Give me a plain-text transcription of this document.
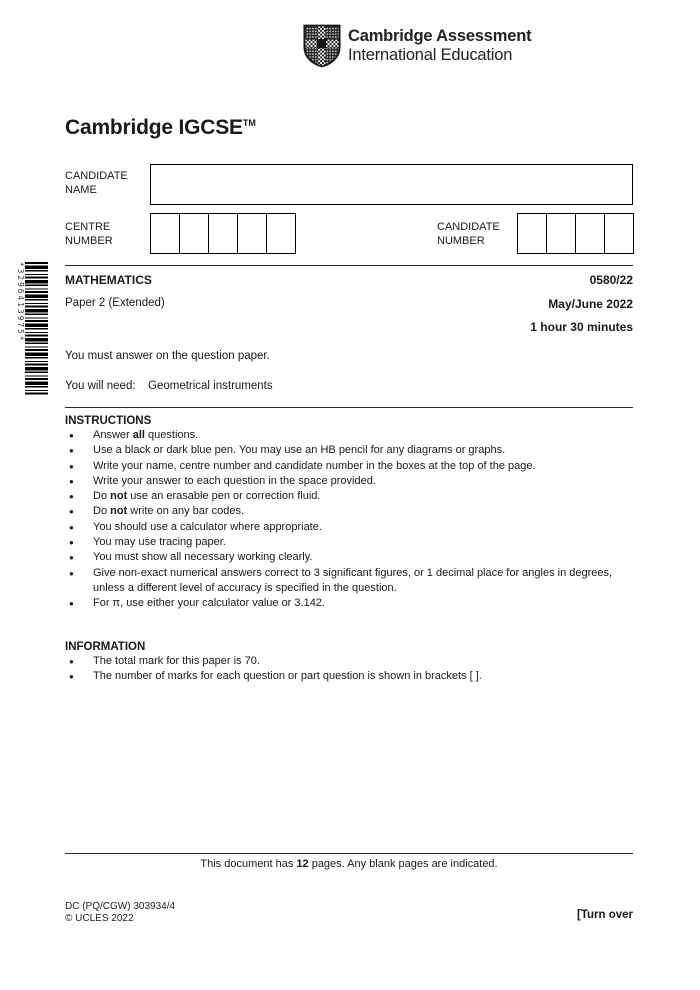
Cambridge Assessment
International Education
Cambridge IGCSE™
CANDIDATE
NAME
CENTRE
NUMBER
CANDIDATE
NUMBER
*3296413975*	MATHEMATICS	0580/22
Paper 2 (Extended)	May/June 2022
1 hour 30 minutes
You must answer on the question paper.
You will need: Geometrical instruments
INSTRUCTIONS
●	Answer all questions.
●	Use a black or dark blue pen. You may use an HB pencil for any diagrams or graphs.
●	Write your name, centre number and candidate number in the boxes at the top of the page.
●	Write your answer to each question in the space provided.
●	Do not use an erasable pen or correction fluid.
●	Do not write on any bar codes.
●	You should use a calculator where appropriate.
●	You may use tracing paper.
●	You must show all necessary working clearly.
●	Give non-exact numerical answers correct to 3 significant figures, or 1 decimal place for angles in degrees, unless a different level of accuracy is specified in the question.
●	For π, use either your calculator value or 3.142.
INFORMATION
●	The total mark for this paper is 70.
●	The number of marks for each question or part question is shown in brackets [ ].
This document has 12 pages. Any blank pages are indicated.
DC (PQ/CGW) 303934/4
© UCLES 2022	[Turn over
